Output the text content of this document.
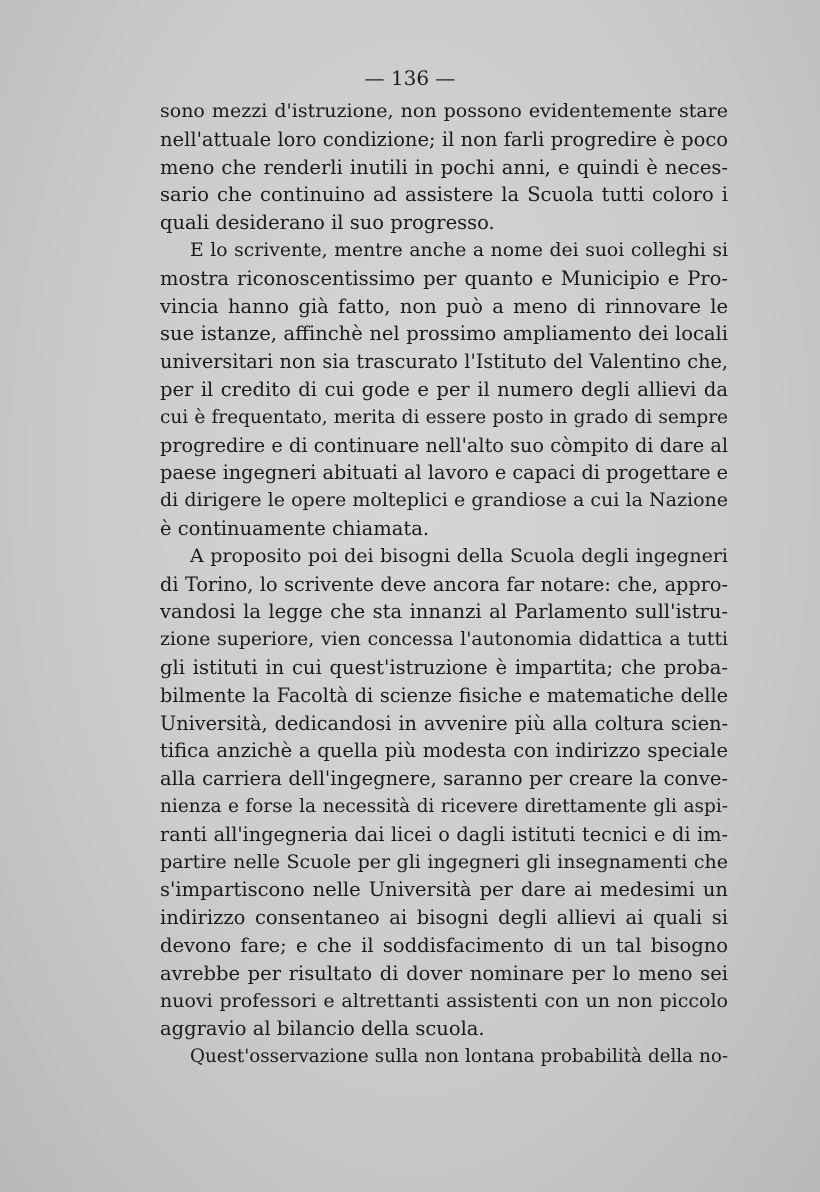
— 136 —

sono mezzi d'istruzione, non possono evidentemente stare
nell'attuale loro condizione; il non farli progredire è poco
meno che renderli inutili in pochi anni, e quindi è neces-
sario che continuino ad assistere la Scuola tutti coloro i
quali desiderano il suo progresso.

E lo scrivente, mentre anche a nome dei suoi colleghi si
mostra riconoscentissimo per quanto e Municipio e Pro-
vincia hanno già fatto, non può a meno di rinnovare le
sue istanze, affinchè nel prossimo ampliamento dei locali
universitari non sia trascurato l'Istituto del Valentino che,
per il credito di cui gode e per il numero degli allievi da
cui è frequentato, merita di essere posto in grado di sempre
progredire e di continuare nell'alto suo còmpito di dare al
paese ingegneri abituati al lavoro e capaci di progettare e
di dirigere le opere molteplici e grandiose a cui la Nazione
è continuamente chiamata.

A proposito poi dei bisogni della Scuola degli ingegneri
di Torino, lo scrivente deve ancora far notare: che, appro-
vandosi la legge che sta innanzi al Parlamento sull'istru-
zione superiore, vien concessa l'autonomia didattica a tutti
gli istituti in cui quest'istruzione è impartita; che proba-
bilmente la Facoltà di scienze fisiche e matematiche delle
Università, dedicandosi in avvenire più alla coltura scien-
tifica anzichè a quella più modesta con indirizzo speciale
alla carriera dell'ingegnere, saranno per creare la conve-
nienza e forse la necessità di ricevere direttamente gli aspi-
ranti all'ingegneria dai licei o dagli istituti tecnici e di im-
partire nelle Scuole per gli ingegneri gli insegnamenti che
s'impartiscono nelle Università per dare ai medesimi un
indirizzo consentaneo ai bisogni degli allievi ai quali si
devono fare; e che il soddisfacimento di un tal bisogno
avrebbe per risultato di dover nominare per lo meno sei
nuovi professori e altrettanti assistenti con un non piccolo
aggravio al bilancio della scuola.

Quest'osservazione sulla non lontana probabilità della no-
